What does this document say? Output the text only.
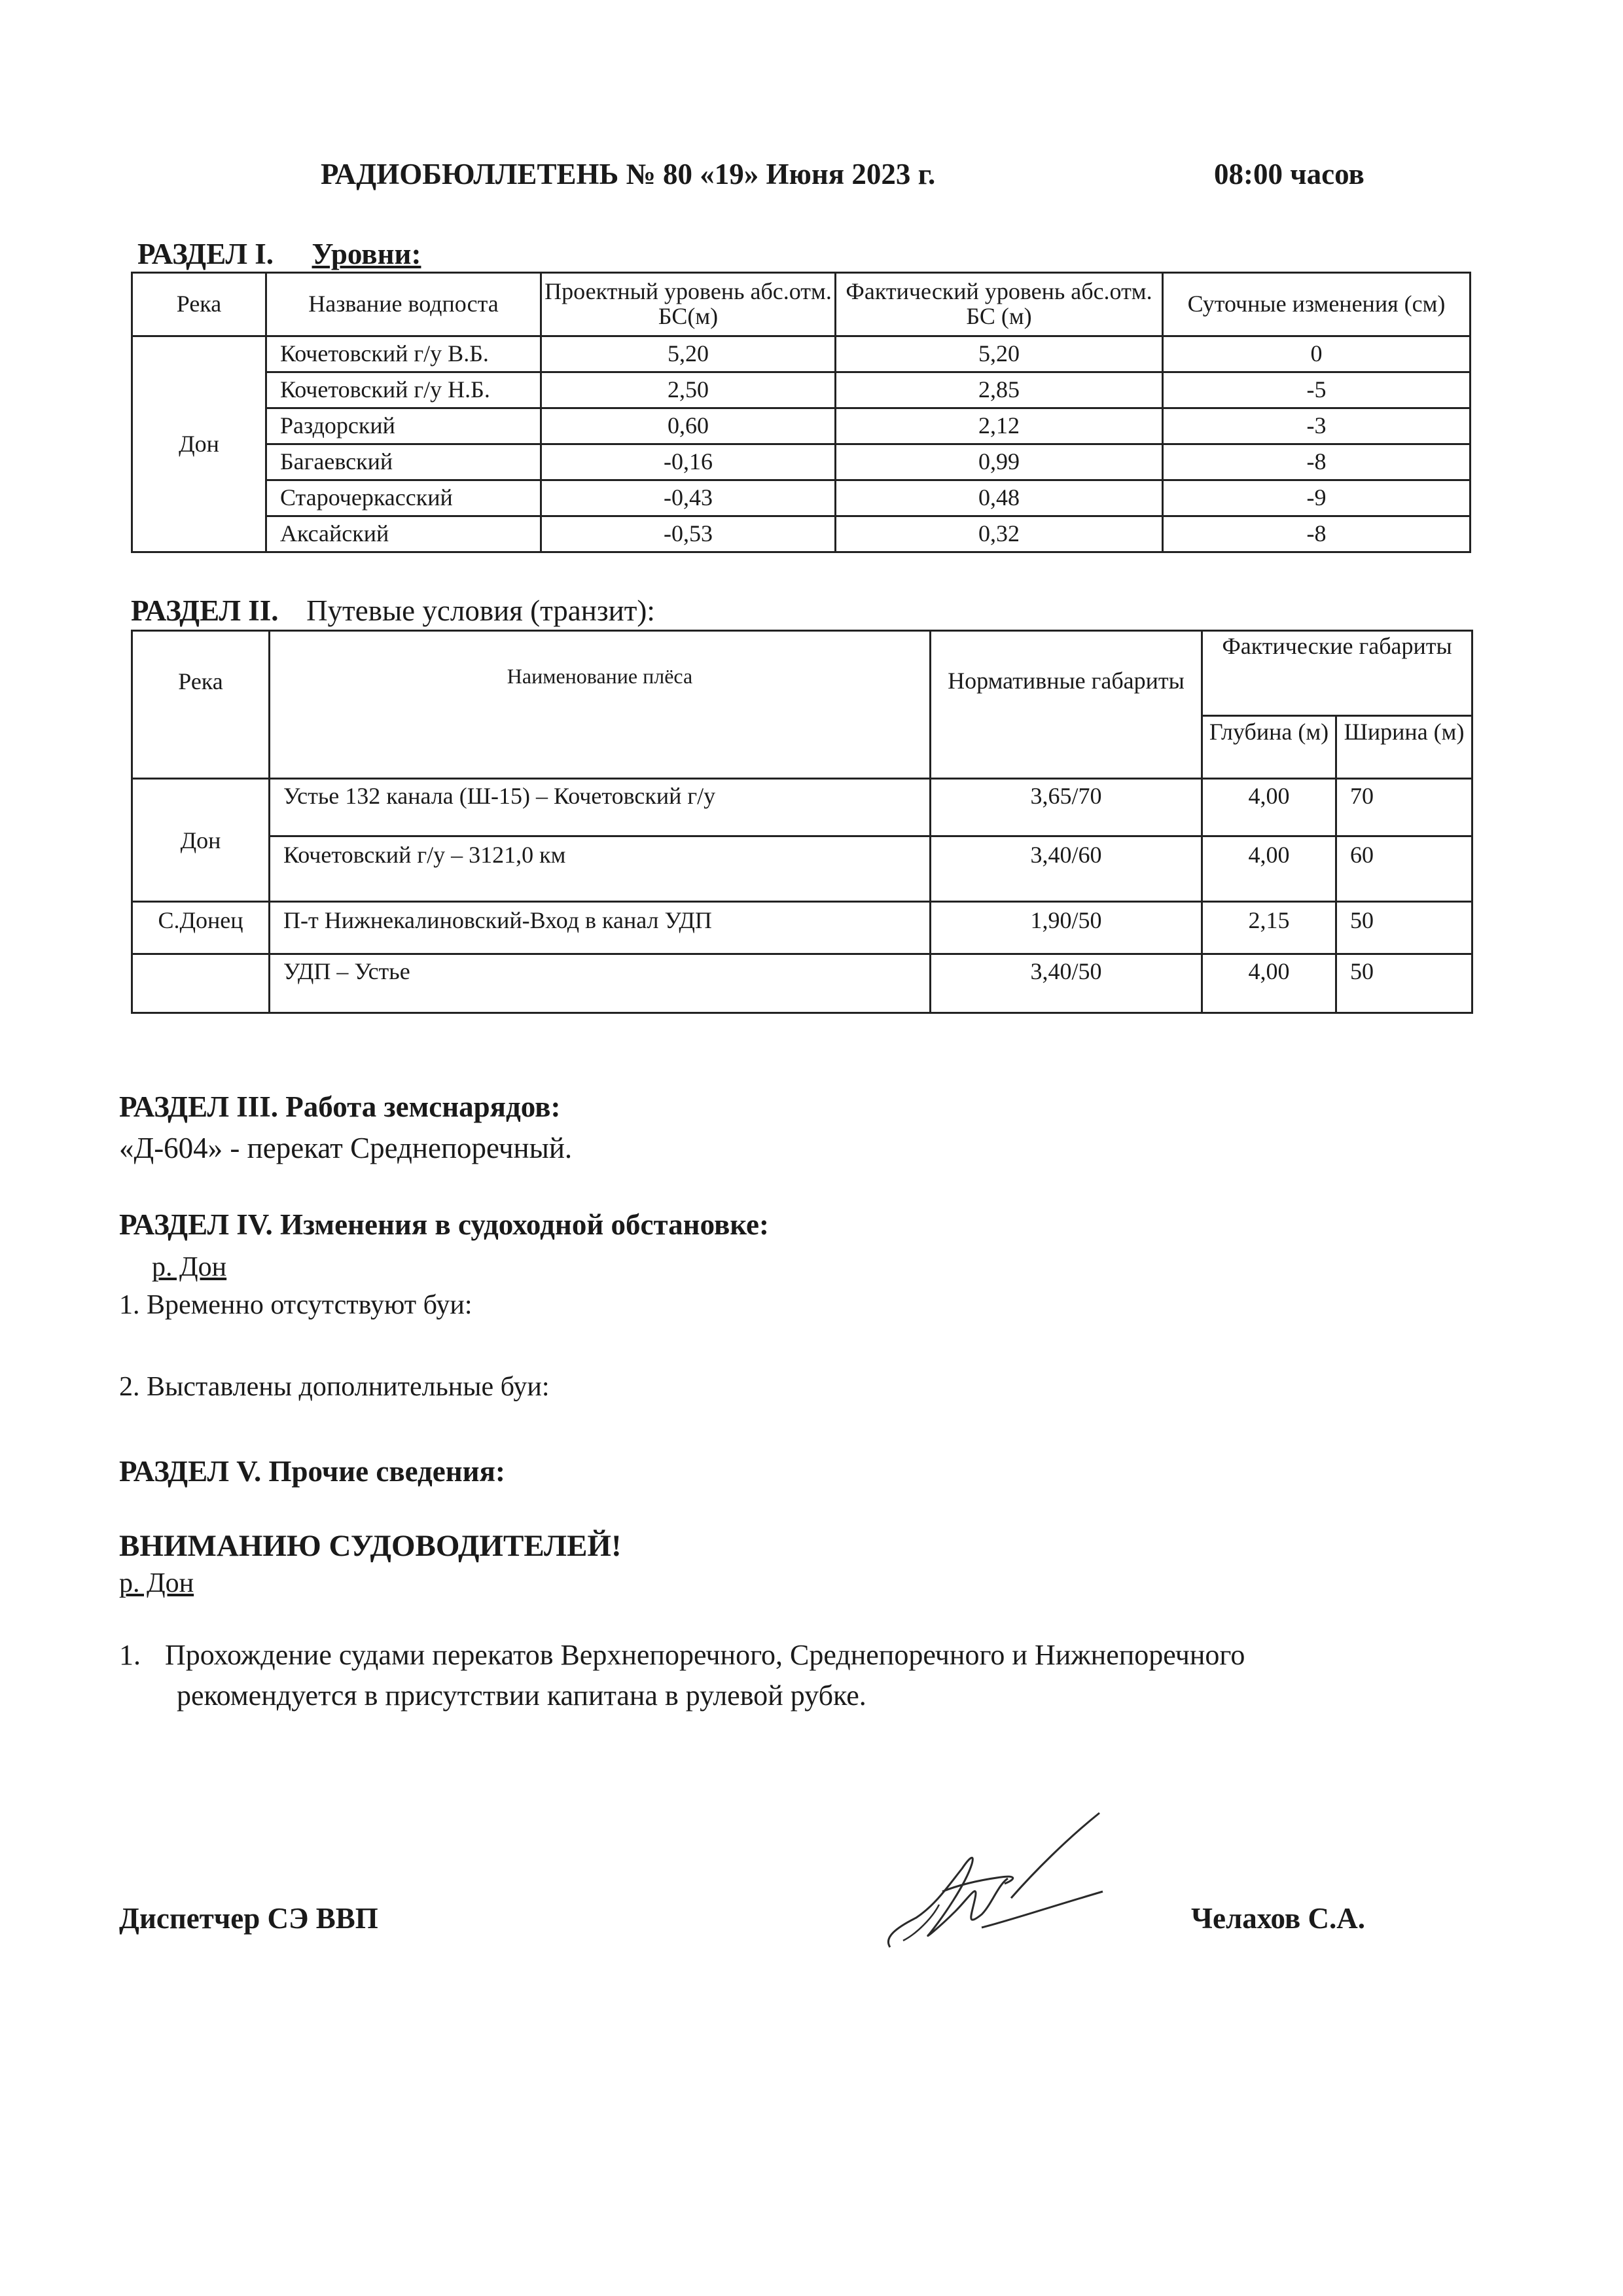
РАДИОБЮЛЛЕТЕНЬ № 80 «19» Июня 2023 г.	08:00 часов
РАЗДЕЛ I. Уровни:
Река	Название водпоста	Проектный уровень абс.отм. БС(м)	Фактический уровень абс.отм. БС (м)	Суточные изменения (см)
Дон	Кочетовский г/у В.Б.	5,20	5,20	0
	Кочетовский г/у Н.Б.	2,50	2,85	-5
	Раздорский	0,60	2,12	-3
	Багаевский	-0,16	0,99	-8
	Старочеркасский	-0,43	0,48	-9
	Аксайский	-0,53	0,32	-8
РАЗДЕЛ II. Путевые условия (транзит):
Река	Наименование плёса	Нормативные габариты	Фактические габариты	
			Глубина (м)	Ширина (м)
Дон	Устье 132 канала (Ш-15) – Кочетовский г/у	3,65/70	4,00	70
	Кочетовский г/у – 3121,0 км	3,40/60	4,00	60
С.Донец	П-т Нижнекалиновский-Вход в канал УДП	1,90/50	2,15	50
	УДП – Устье	3,40/50	4,00	50
РАЗДЕЛ III. Работа земснарядов:
«Д-604» - перекат Среднепоречный.
РАЗДЕЛ IV. Изменения в судоходной обстановке:
р. Дон
1. Временно отсутствуют буи:
2. Выставлены дополнительные буи:
РАЗДЕЛ V. Прочие сведения:
ВНИМАНИЮ СУДОВОДИТЕЛЕЙ!
р. Дон
1. Прохождение судами перекатов Верхнепоречного, Среднепоречного и Нижнепоречного
рекомендуется в присутствии капитана в рулевой рубке.
Диспетчер СЭ ВВП	Челахов С.А.
